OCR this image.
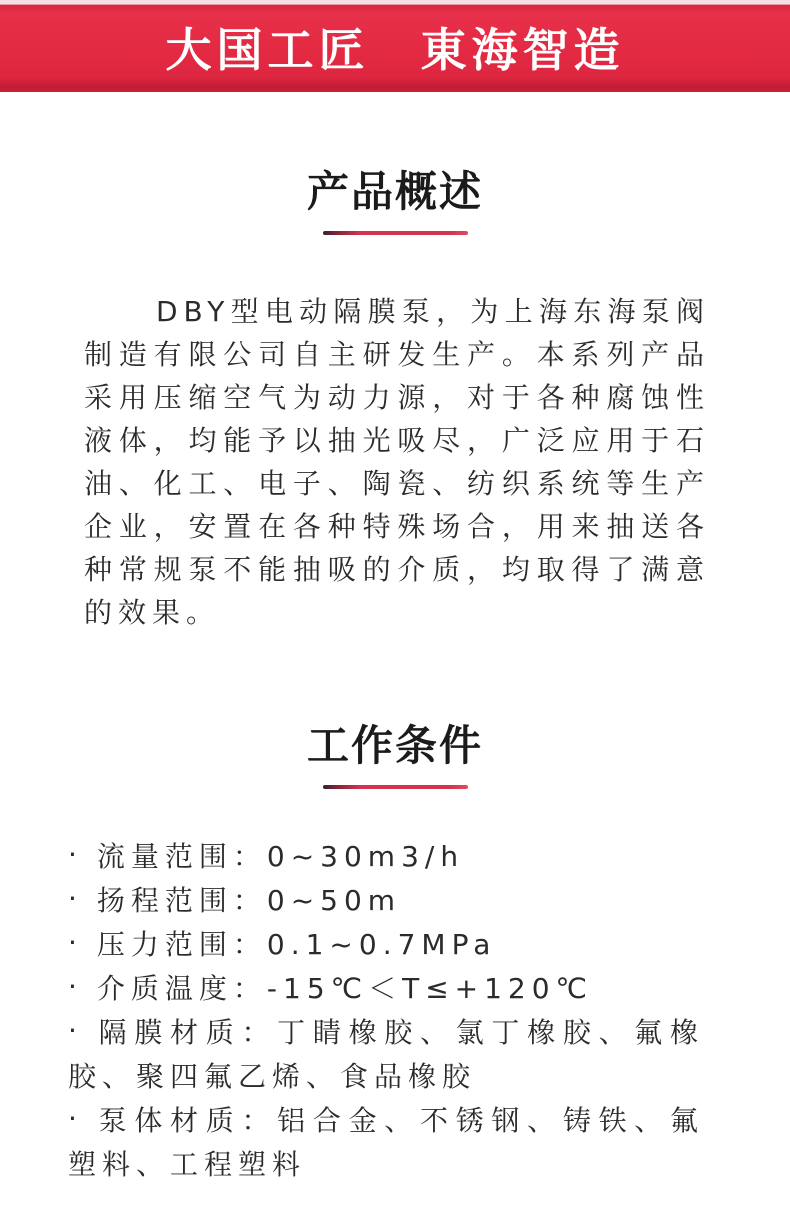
大国工匠　東海智造
产品概述

DBY型电动隔膜泵，为上海东海泵阀制造有限公司自主研发生产。本系列产品采用压缩空气为动力源，对于各种腐蚀性液体，均能予以抽光吸尽，广泛应用于石油、化工、电子、陶瓷、纺织系统等生产企业，安置在各种特殊场合，用来抽送各种常规泵不能抽吸的介质，均取得了满意的效果。

工作条件
· 流量范围：0~30m3/h
· 扬程范围：0~50m
· 压力范围：0.1~0.7MPa
· 介质温度：-15℃＜T≤+120℃
· 隔膜材质：丁睛橡胶、氯丁橡胶、氟橡胶、聚四氟乙烯、食品橡胶
· 泵体材质：铝合金、不锈钢、铸铁、氟塑料、工程塑料
